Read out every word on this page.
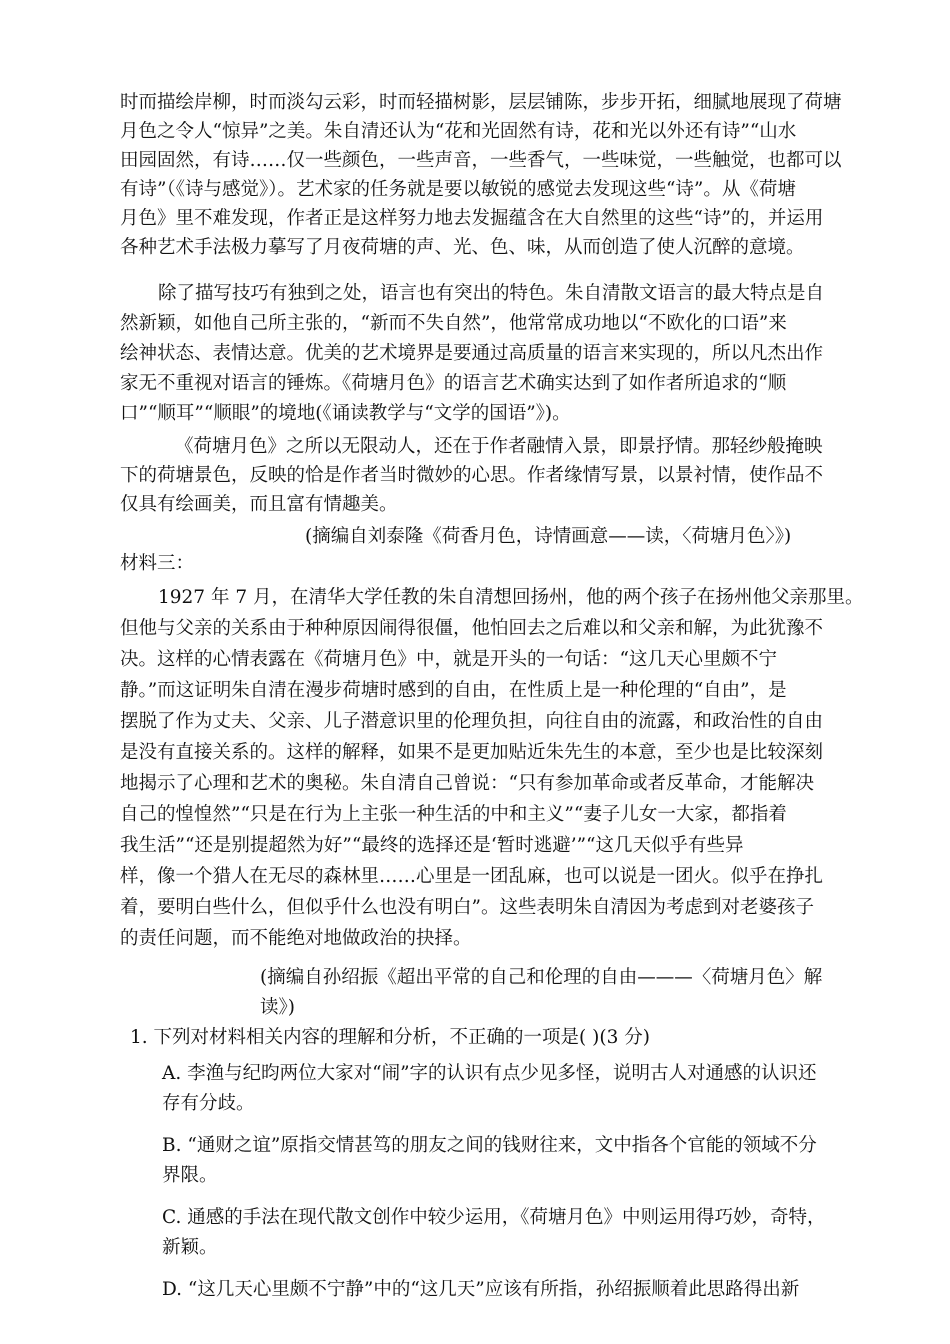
时而描绘岸柳，时而淡勾云彩，时而轻描树影，层层铺陈，步步开拓，细腻地展现了荷塘
月色之令人“惊异”之美。朱自清还认为“花和光固然有诗，花和光以外还有诗”“山水
田园固然，有诗……仅一些颜色，一些声音，一些香气，一些味觉，一些触觉，也都可以
有诗”（《诗与感觉》）。艺术家的任务就是要以敏锐的感觉去发现这些“诗”。从《荷塘
月色》里不难发现，作者正是这样努力地去发掘蕴含在大自然里的这些“诗”的，并运用
各种艺术手法极力摹写了月夜荷塘的声、光、色、味，从而创造了使人沉醉的意境。
除了描写技巧有独到之处，语言也有突出的特色。朱自清散文语言的最大特点是自
然新颖，如他自己所主张的，“新而不失自然”，他常常成功地以“不欧化的口语”来
绘神状态、表情达意。优美的艺术境界是要通过高质量的语言来实现的，所以凡杰出作
家无不重视对语言的锤炼。《荷塘月色》的语言艺术确实达到了如作者所追求的“顺
口”“顺耳”“顺眼”的境地(《诵读教学与“文学的国语”》)。
《荷塘月色》之所以无限动人，还在于作者融情入景，即景抒情。那轻纱般掩映
下的荷塘景色，反映的恰是作者当时微妙的心思。作者缘情写景，以景衬情，使作品不
仅具有绘画美，而且富有情趣美。
(摘编自刘泰隆《荷香月色，诗情画意——读，〈荷塘月色〉》)
材料三：
1927 年 7 月，在清华大学任教的朱自清想回扬州，他的两个孩子在扬州他父亲那里。
但他与父亲的关系由于种种原因闹得很僵，他怕回去之后难以和父亲和解，为此犹豫不
决。这样的心情表露在《荷塘月色》中，就是开头的一句话：“这几天心里颇不宁
静。”而这证明朱自清在漫步荷塘时感到的自由，在性质上是一种伦理的“自由”，是
摆脱了作为丈夫、父亲、儿子潜意识里的伦理负担，向往自由的流露，和政治性的自由
是没有直接关系的。这样的解释，如果不是更加贴近朱先生的本意，至少也是比较深刻
地揭示了心理和艺术的奥秘。朱自清自己曾说：“只有参加革命或者反革命，才能解决
自己的惶惶然”“只是在行为上主张一种生活的中和主义”“妻子儿女一大家，都指着
我生活”“还是别提超然为好”“最终的选择还是‘暂时逃避’”“这几天似乎有些异
样，像一个猎人在无尽的森林里……心里是一团乱麻，也可以说是一团火。似乎在挣扎
着，要明白些什么，但似乎什么也没有明白”。这些表明朱自清因为考虑到对老婆孩子
的责任问题，而不能绝对地做政治的抉择。
(摘编自孙绍振《超出平常的自己和伦理的自由———〈荷塘月色〉解
读》)
1. 下列对材料相关内容的理解和分析，不正确的一项是( )(3 分)
A. 李渔与纪昀两位大家对“闹”字的认识有点少见多怪，说明古人对通感的认识还
存有分歧。
B. “通财之谊”原指交情甚笃的朋友之间的钱财往来，文中指各个官能的领域不分
界限。
C. 通感的手法在现代散文创作中较少运用，《荷塘月色》中则运用得巧妙，奇特，
新颖。
D. “这几天心里颇不宁静”中的“这几天”应该有所指，孙绍振顺着此思路得出新
